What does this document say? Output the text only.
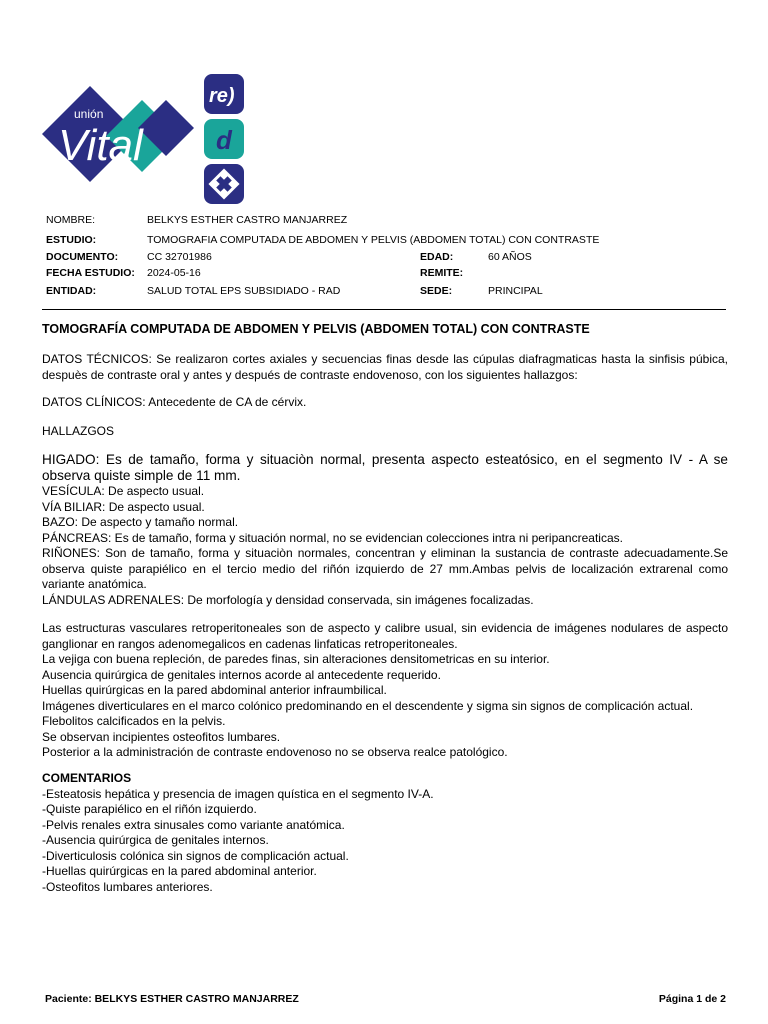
unión
Vital
re)
d
NOMBRE:	BELKYS ESTHER CASTRO MANJARREZ
ESTUDIO:	TOMOGRAFIA COMPUTADA DE ABDOMEN Y PELVIS (ABDOMEN TOTAL) CON CONTRASTE
DOCUMENTO:	CC 32701986	EDAD:	60 AÑOS
FECHA ESTUDIO: 2024-05-16	REMITE:
ENTIDAD:	SALUD TOTAL EPS SUBSIDIADO - RAD	SEDE:	PRINCIPAL
TOMOGRAFÍA COMPUTADA DE ABDOMEN Y PELVIS (ABDOMEN TOTAL) CON CONTRASTE

DATOS TÉCNICOS: Se realizaron cortes axiales y secuencias finas desde las cúpulas diafragmaticas hasta la sinfisis púbica, despuès de contraste oral y antes y después de contraste endovenoso, con los siguientes hallazgos:

DATOS CLÍNICOS: Antecedente de CA de cérvix.

HALLAZGOS

HIGADO: Es de tamaño, forma y situaciòn normal, presenta aspecto esteatósico, en el segmento IV - A se observa quiste simple de 11 mm.

VESÍCULA: De aspecto usual.

VÍA BILIAR: De aspecto usual.

BAZO: De aspecto y tamaño normal.

PÁNCREAS: Es de tamaño, forma y situación normal, no se evidencian colecciones intra ni peripancreaticas.

RIÑONES: Son de tamaño, forma y situaciòn normales, concentran y eliminan la sustancia de contraste adecuadamente.Se observa quiste parapiélico en el tercio medio del riñón izquierdo de 27 mm.Ambas pelvis de localización extrarenal como variante anatómica.

LÁNDULAS ADRENALES: De morfología y densidad conservada, sin imágenes focalizadas.

Las estructuras vasculares retroperitoneales son de aspecto y calibre usual, sin evidencia de imágenes nodulares de aspecto ganglionar en rangos adenomegalicos en cadenas linfaticas retroperitoneales.

La vejiga con buena repleción, de paredes finas, sin alteraciones densitometricas en su interior.

Ausencia quirúrgica de genitales internos acorde al antecedente requerido.

Huellas quirúrgicas en la pared abdominal anterior infraumbilical.

Imágenes diverticulares en el marco colónico predominando en el descendente y sigma sin signos de complicación actual.

Flebolitos calcificados en la pelvis.

Se observan incipientes osteofitos lumbares.

Posterior a la administración de contraste endovenoso no se observa realce patológico.

COMENTARIOS

-Esteatosis hepática y presencia de imagen quística en el segmento IV-A.

-Quiste parapiélico en el riñón izquierdo.

-Pelvis renales extra sinusales como variante anatómica.

-Ausencia quirúrgica de genitales internos.

-Diverticulosis colónica sin signos de complicación actual.

-Huellas quirúrgicas en la pared abdominal anterior.

-Osteofitos lumbares anteriores.

Paciente: BELKYS ESTHER CASTRO MANJARREZ	Página 1 de 2
